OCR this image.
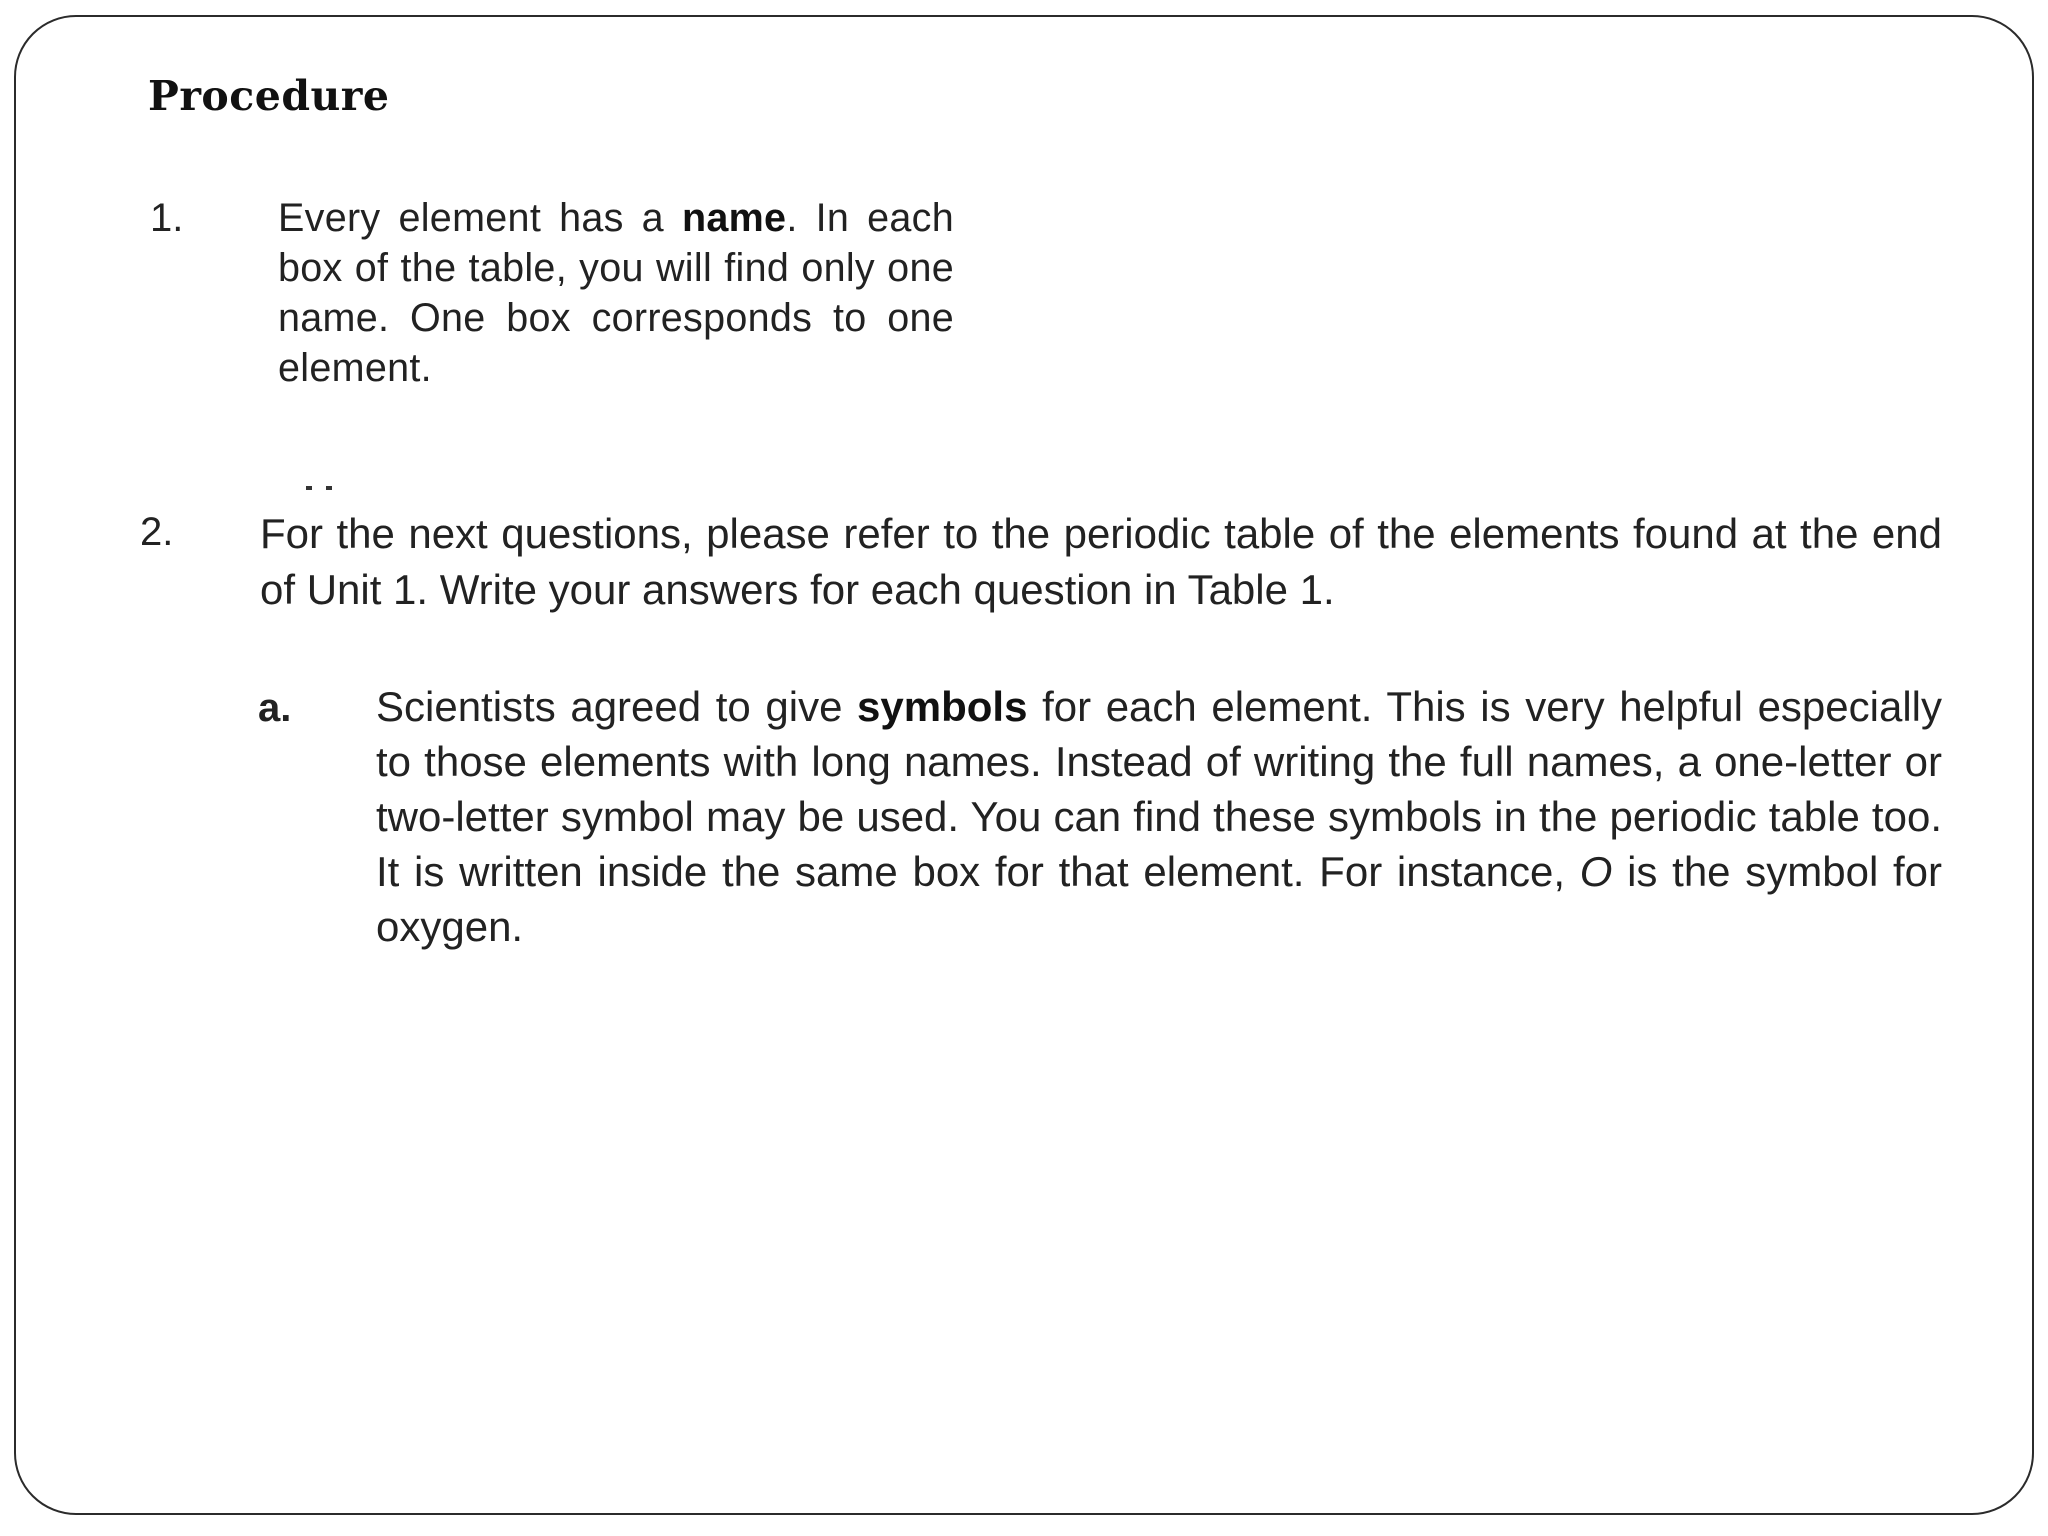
Procedure
1. Every element has a name. In each box of the table, you will find only one name. One box corresponds to one element.
2. For the next questions, please refer to the periodic table of the elements found at the end of Unit 1. Write your answers for each question in Table 1.
a. Scientists agreed to give symbols for each element. This is very helpful especially to those elements with long names. Instead of writing the full names, a one-letter or two-letter symbol may be used. You can find these symbols in the periodic table too. It is written inside the same box for that element. For instance, O is the symbol for oxygen.
